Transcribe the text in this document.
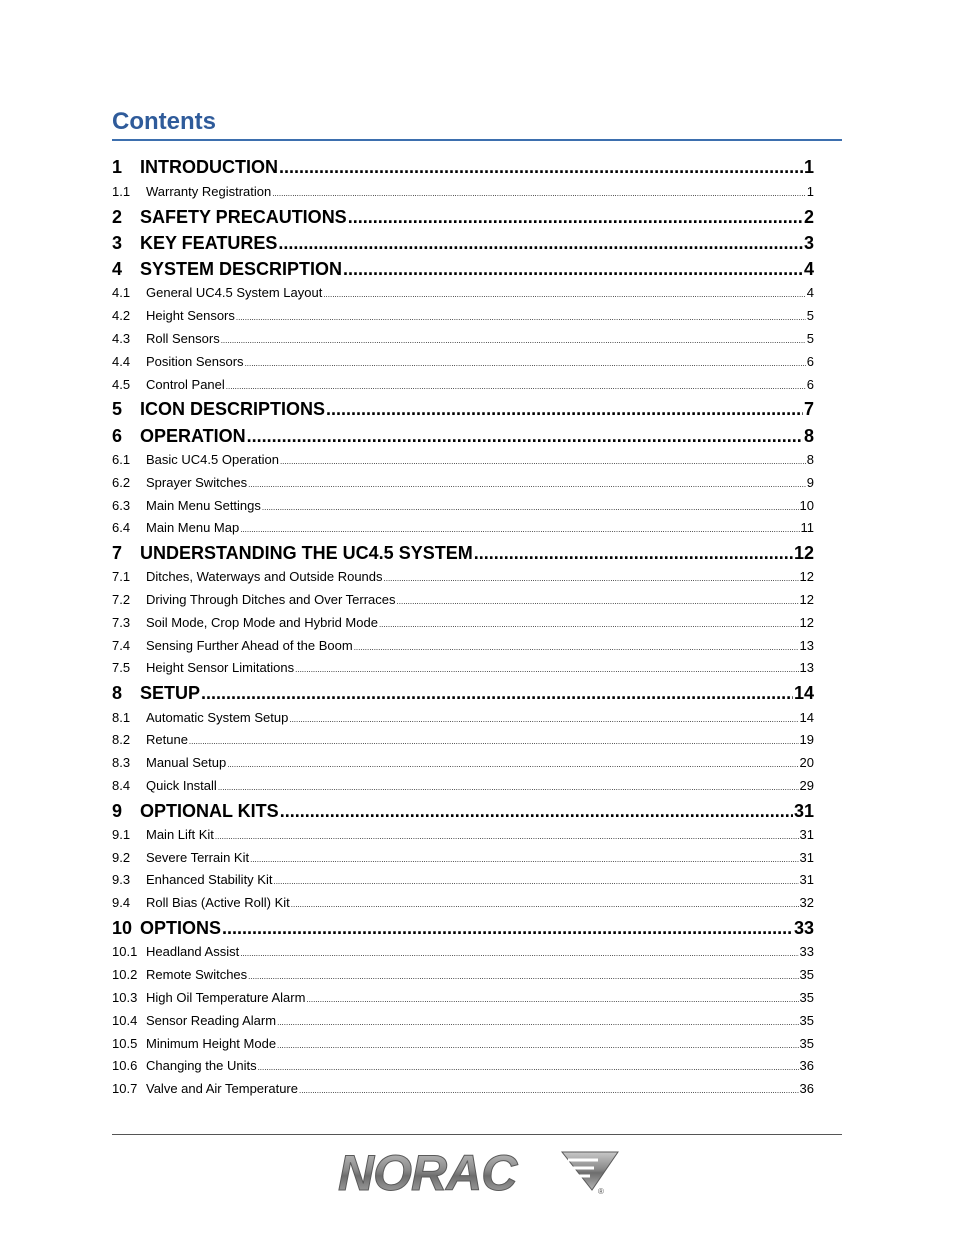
Contents
1 INTRODUCTION .....	1
1.1	Warranty Registration .....	1
2 SAFETY PRECAUTIONS .....	2
3 KEY FEATURES .....	3
4 SYSTEM DESCRIPTION .....	4
4.1	General UC4.5 System Layout .....	4
4.2	Height Sensors .....	5
4.3	Roll Sensors .....	5
4.4	Position Sensors .....	6
4.5	Control Panel .....	6
5 ICON DESCRIPTIONS .....	7
6 OPERATION .....	8
6.1	Basic UC4.5 Operation .....	8
6.2	Sprayer Switches .....	9
6.3	Main Menu Settings .....	10
6.4	Main Menu Map .....	11
7 UNDERSTANDING THE UC4.5 SYSTEM .....	12
7.1	Ditches, Waterways and Outside Rounds .....	12
7.2	Driving Through Ditches and Over Terraces .....	12
7.3	Soil Mode, Crop Mode and Hybrid Mode .....	12
7.4	Sensing Further Ahead of the Boom .....	13
7.5	Height Sensor Limitations .....	13
8 SETUP .....	14
8.1	Automatic System Setup .....	14
8.2	Retune .....	19
8.3	Manual Setup .....	20
8.4	Quick Install .....	29
9 OPTIONAL KITS .....	31
9.1	Main Lift Kit .....	31
9.2	Severe Terrain Kit .....	31
9.3	Enhanced Stability Kit .....	31
9.4	Roll Bias (Active Roll) Kit .....	32
10 OPTIONS .....	33
10.1 Headland Assist .....	33
10.2 Remote Switches .....	35
10.3 High Oil Temperature Alarm .....	35
10.4 Sensor Reading Alarm .....	35
10.5 Minimum Height Mode .....	35
10.6 Changing the Units .....	36
10.7 Valve and Air Temperature .....	36
NORAC	®
